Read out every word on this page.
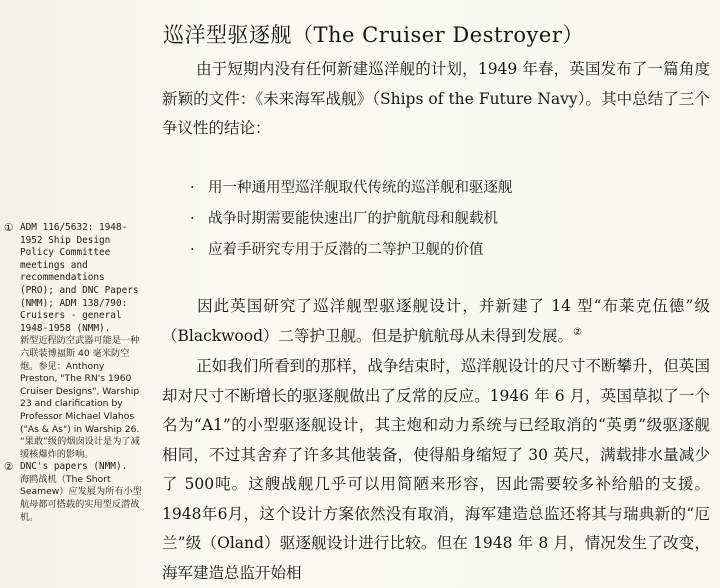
巡洋型驱逐舰（The Cruiser Destroyer）
由于短期内没有任何新建巡洋舰的计划，1949 年春，英国发布了一篇角度新颖的文件：《未来海军战舰》（Ships of the Future Navy）。其中总结了三个争议性的结论：
· 用一种通用型巡洋舰取代传统的巡洋舰和驱逐舰
· 战争时期需要能快速出厂的护航航母和舰载机
· 应着手研究专用于反潜的二等护卫舰的价值
因此英国研究了巡洋舰型驱逐舰设计，并新建了 14 型“布莱克伍德”级（Blackwood）二等护卫舰。但是护航航母从未得到发展。②
正如我们所看到的那样，战争结束时，巡洋舰设计的尺寸不断攀升，但英国却对尺寸不断增长的驱逐舰做出了反常的反应。1946 年 6 月，英国草拟了一个名为“A1”的小型驱逐舰设计，其主炮和动力系统与已经取消的“英勇”级驱逐舰相同，不过其舍弃了许多其他装备，使得船身缩短了 30 英尺，满载排水量减少了 500吨。这艘战舰几乎可以用简陋来形容，因此需要较多补给船的支援。1948年6月，这个设计方案依然没有取消，海军建造总监还将其与瑞典新的“厄兰”级（Oland）驱逐舰设计进行比较。但在 1948 年 8 月，情况发生了改变，海军建造总监开始相
① ADM 116/5632: 1948-1952 Ship Design Policy Committee meetings and recommendations (PRO); and DNC Papers (NMM); ADM 138/790: Cruisers - general 1948-1958 (NMM).

新型近程防空武器可能是一种六联装博福斯 40 毫米防空炮。参见：Anthony Preston, "The RN's 1960 Cruiser Designs", Warship 23 and clarification by Professor Michael Vlahos ("As & As") in Warship 26.

“果敢”级的烟囱设计是为了减缓核爆炸的影响。

② DNC's papers (NMM).

海鸥战机（The Short Seamew）应发展为所有小型航母都可搭载的实用型反潜战机。
